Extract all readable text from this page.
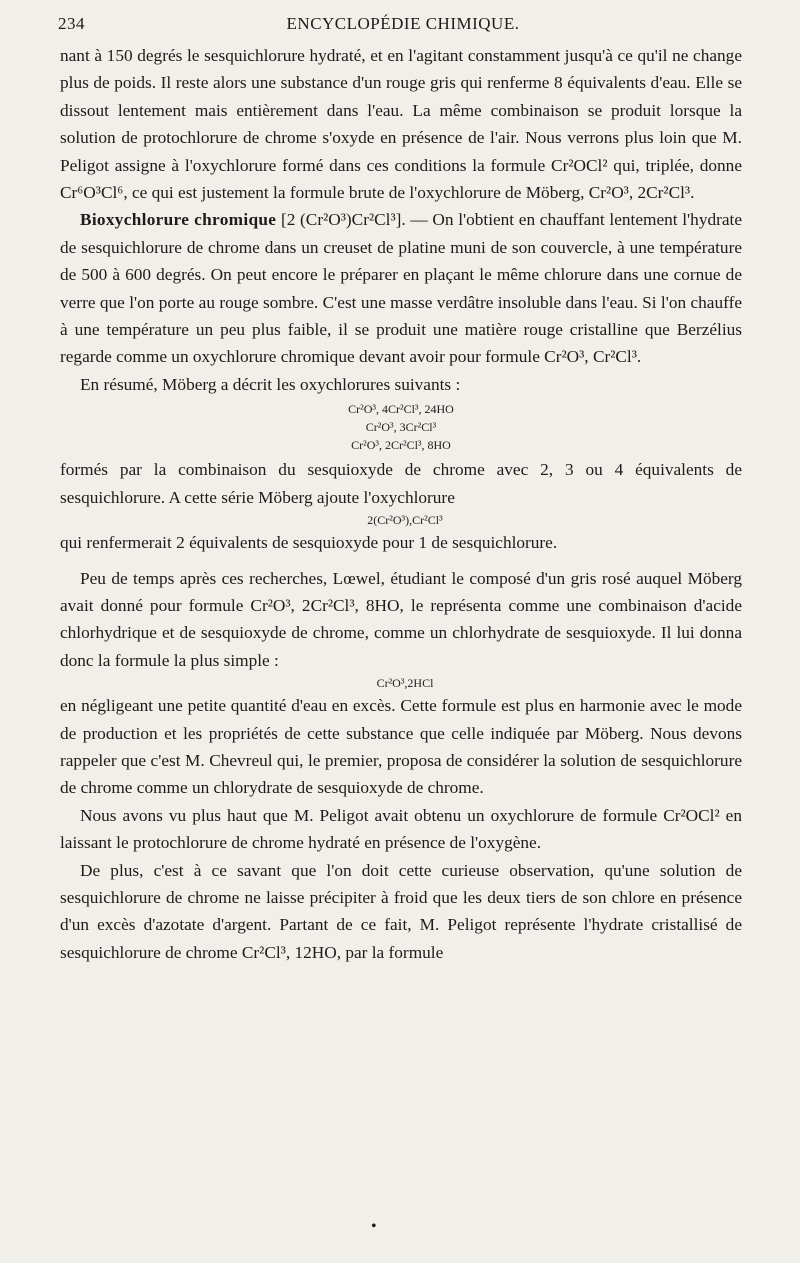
234	ENCYCLOPÉDIE CHIMIQUE.

nant à 150 degrés le sesquichlorure hydraté, et en l'agitant constamment jusqu'à ce qu'il ne change plus de poids. Il reste alors une substance d'un rouge gris qui renferme 8 équivalents d'eau. Elle se dissout lentement mais entièrement dans l'eau. La même combinaison se produit lorsque la solution de protochlorure de chrome s'oxyde en présence de l'air. Nous verrons plus loin que M. Peligot assigne à l'oxychlorure formé dans ces conditions la formule Cr²OCl² qui, triplée, donne Cr⁶O³Cl⁶, ce qui est justement la formule brute de l'oxychlorure de Möberg, Cr²O³, 2Cr²Cl³.

Bioxychlorure chromique [2 (Cr²O³)Cr²Cl³]. — On l'obtient en chauffant lentement l'hydrate de sesquichlorure de chrome dans un creuset de platine muni de son couvercle, à une température de 500 à 600 degrés. On peut encore le préparer en plaçant le même chlorure dans une cornue de verre que l'on porte au rouge sombre. C'est une masse verdâtre insoluble dans l'eau. Si l'on chauffe à une température un peu plus faible, il se produit une matière rouge cristalline que Berzélius regarde comme un oxychlorure chromique devant avoir pour formule Cr²O³, Cr²Cl³.

En résumé, Möberg a décrit les oxychlorures suivants :

Cr²O³, 4Cr²Cl³, 24HO
Cr²O³, 3Cr²Cl³
Cr²O³, 2Cr²Cl³, 8HO

formés par la combinaison du sesquioxyde de chrome avec 2, 3 ou 4 équivalents de sesquichlorure. A cette série Möberg ajoute l'oxychlorure

2(Cr²O³),Cr²Cl³

qui renfermerait 2 équivalents de sesquioxyde pour 1 de sesquichlorure.

Peu de temps après ces recherches, Lœwel, étudiant le composé d'un gris rosé auquel Möberg avait donné pour formule Cr²O³, 2Cr²Cl³, 8HO, le représenta comme une combinaison d'acide chlorhydrique et de sesquioxyde de chrome, comme un chlorhydrate de sesquioxyde. Il lui donna donc la formule la plus simple :

Cr²O³,2HCl

en négligeant une petite quantité d'eau en excès. Cette formule est plus en harmonie avec le mode de production et les propriétés de cette substance que celle indiquée par Möberg. Nous devons rappeler que c'est M. Chevreul qui, le premier, proposa de considérer la solution de sesquichlorure de chrome comme un chlorydrate de sesquioxyde de chrome.

Nous avons vu plus haut que M. Peligot avait obtenu un oxychlorure de formule Cr²OCl² en laissant le protochlorure de chrome hydraté en présence de l'oxygène.

De plus, c'est à ce savant que l'on doit cette curieuse observation, qu'une solution de sesquichlorure de chrome ne laisse précipiter à froid que les deux tiers de son chlore en présence d'un excès d'azotate d'argent. Partant de ce fait, M. Peligot représente l'hydrate cristallisé de sesquichlorure de chrome Cr²Cl³, 12HO, par la formule

•
